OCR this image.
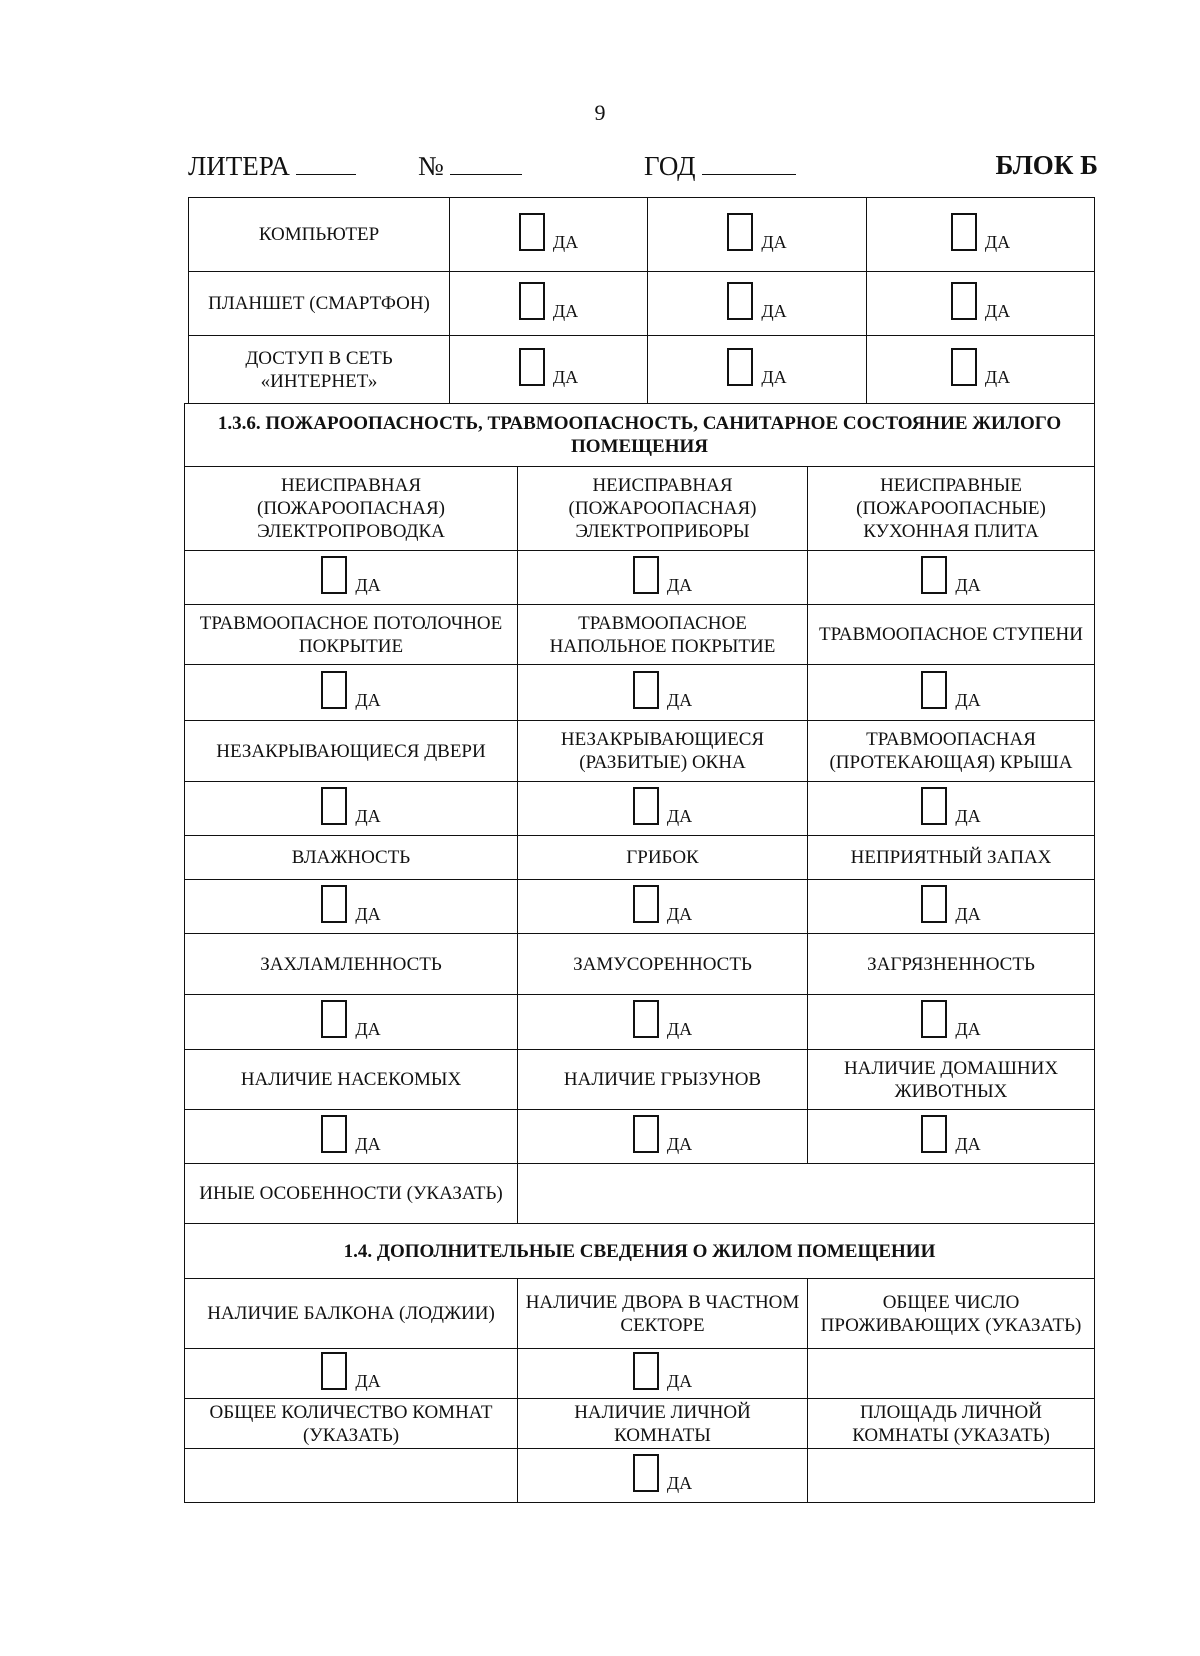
9
ЛИТЕРА	№	ГОД	БЛОК Б
КОМПЬЮТЕР	ДА	ДА	ДА

ПЛАНШЕТ (СМАРТФОН)	ДА	ДА	ДА

ДОСТУП В СЕТЬ «ИНТЕРНЕТ»	ДА	ДА	ДА
1.3.6. ПОЖАРООПАСНОСТЬ, ТРАВМООПАСНОСТЬ, САНИТАРНОЕ СОСТОЯНИЕ ЖИЛОГО ПОМЕЩЕНИЯ		
НЕИСПРАВНАЯ (ПОЖАРООПАСНАЯ) ЭЛЕКТРОПРОВОДКА	НЕИСПРАВНАЯ (ПОЖАРООПАСНАЯ) ЭЛЕКТРОПРИБОРЫ	НЕИСПРАВНЫЕ (ПОЖАРООПАСНЫЕ) КУХОННАЯ ПЛИТА

ДА	ДА	ДА

ТРАВМООПАСНОЕ ПОТОЛОЧНОЕ ПОКРЫТИЕ	ТРАВМООПАСНОЕ НАПОЛЬНОЕ ПОКРЫТИЕ	ТРАВМООПАСНОЕ СТУПЕНИ

ДА	ДА	ДА

НЕЗАКРЫВАЮЩИЕСЯ ДВЕРИ	НЕЗАКРЫВАЮЩИЕСЯ (РАЗБИТЫЕ) ОКНА	ТРАВМООПАСНАЯ (ПРОТЕКАЮЩАЯ) КРЫША

ДА	ДА	ДА

ВЛАЖНОСТЬ	ГРИБОК	НЕПРИЯТНЫЙ ЗАПАХ

ДА	ДА	ДА

ЗАХЛАМЛЕННОСТЬ	ЗАМУСОРЕННОСТЬ	ЗАГРЯЗНЕННОСТЬ

ДА	ДА	ДА

НАЛИЧИЕ НАСЕКОМЫХ	НАЛИЧИЕ ГРЫЗУНОВ	НАЛИЧИЕ ДОМАШНИХ ЖИВОТНЫХ

ДА	ДА	ДА

ИНЫЕ ОСОБЕННОСТИ (УКАЗАТЬ)		
1.4. ДОПОЛНИТЕЛЬНЫЕ СВЕДЕНИЯ О ЖИЛОМ ПОМЕЩЕНИИ		
НАЛИЧИЕ БАЛКОНА (ЛОДЖИИ)	НАЛИЧИЕ ДВОРА В ЧАСТНОМ СЕКТОРЕ	ОБЩЕЕ ЧИСЛО ПРОЖИВАЮЩИХ (УКАЗАТЬ)

ДА	ДА	

ОБЩЕЕ КОЛИЧЕСТВО КОМНАТ (УКАЗАТЬ)	НАЛИЧИЕ ЛИЧНОЙ КОМНАТЫ	ПЛОЩАДЬ ЛИЧНОЙ КОМНАТЫ (УКАЗАТЬ)

	ДА	
